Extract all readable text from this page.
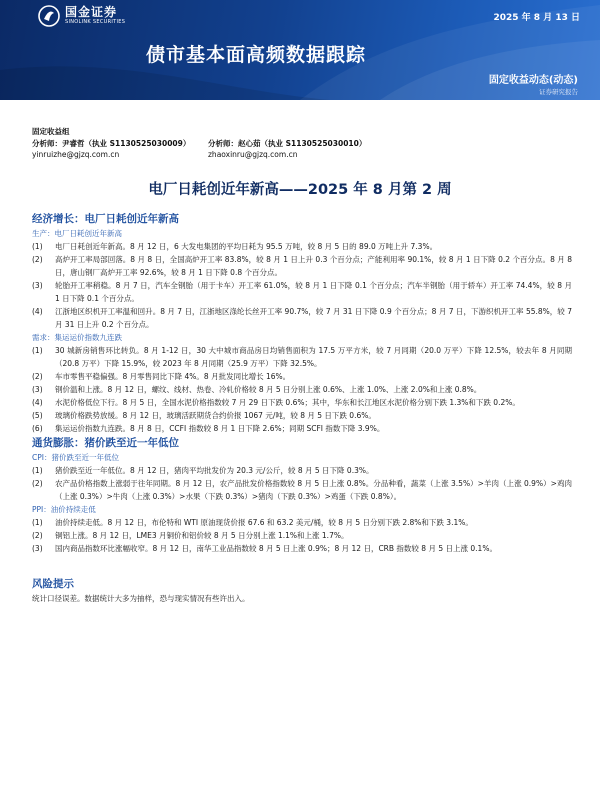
国金证券
SINOLINK SECURITIES	2025 年 8 月 13 日
债市基本面高频数据跟踪
固定收益动态(动态)
证券研究报告
固定收益组
分析师：尹睿哲（执业 S1130525030009）	分析师：赵心茹（执业 S1130525030010）
yinruizhe@gjzq.com.cn	zhaoxinru@gjzq.com.cn
电厂日耗创近年新高——2025 年 8 月第 2 周
经济增长：电厂日耗创近年新高
生产：电厂日耗创近年新高
(1)	电厂日耗创近年新高。8 月 12 日，6 大发电集团的平均日耗为 95.5 万吨，较 8 月 5 日的 89.0 万吨上升 7.3%。
(2)	高炉开工率局部回落。8 月 8 日，全国高炉开工率 83.8%，较 8 月 1 日上升 0.3 个百分点；产能利用率 90.1%，较 8 月 1 日下降 0.2 个百分点。8 月 8 日，唐山钢厂高炉开工率 92.6%，较 8 月 1 日下降 0.8 个百分点。
(3)	轮胎开工率稍稳。8 月 7 日，汽车全钢胎（用于卡车）开工率 61.0%，较 8 月 1 日下降 0.1 个百分点；汽车半钢胎（用于轿车）开工率 74.4%，较 8 月 1 日下降 0.1 个百分点。
(4)	江浙地区织机开工率温和回升。8 月 7 日，江浙地区涤纶长丝开工率 90.7%，较 7 月 31 日下降 0.9 个百分点；8 月 7 日，下游织机开工率 55.8%，较 7 月 31 日上升 0.2 个百分点。
需求：集运运价指数九连跌
(1)	30 城新房销售环比转负。8 月 1-12 日，30 大中城市商品房日均销售面积为 17.5 万平方米，较 7 月同期（20.0 万平）下降 12.5%，较去年 8 月同期（20.8 万平）下降 15.9%，较 2023 年 8 月同期（25.9 万平）下降 32.5%。
(2)	车市零售平稳偏强。8 月零售同比下降 4%。8 月批发同比增长 16%。
(3)	钢价温和上涨。8 月 12 日，螺纹、线材、热卷、冷轧价格较 8 月 5 日分别上涨 0.6%、上涨 1.0%、上涨 2.0%和上涨 0.8%。
(4)	水泥价格低位下行。8 月 5 日，全国水泥价格指数较 7 月 29 日下跌 0.6%；其中，华东和长江地区水泥价格分别下跌 1.3%和下跌 0.2%。
(5)	玻璃价格跌势放缓。8 月 12 日，玻璃活跃期货合约价报 1067 元/吨，较 8 月 5 日下跌 0.6%。
(6)	集运运价指数九连跌。8 月 8 日，CCFI 指数较 8 月 1 日下降 2.6%；同期 SCFI 指数下降 3.9%。
通货膨胀：猪价跌至近一年低位
CPI：猪价跌至近一年低位
(1)	猪价跌至近一年低位。8 月 12 日，猪肉平均批发价为 20.3 元/公斤，较 8 月 5 日下降 0.3%。
(2)	农产品价格指数上涨弱于往年同期。8 月 12 日，农产品批发价格指数较 8 月 5 日上涨 0.8%。分品种看，蔬菜（上涨 3.5%）>羊肉（上涨 0.9%）>鸡肉（上涨 0.3%）>牛肉（上涨 0.3%）>水果（下跌 0.3%）>猪肉（下跌 0.3%）>鸡蛋（下跌 0.8%）。
PPI：油价持续走低
(1)	油价持续走低。8 月 12 日，布伦特和 WTI 原油现货价报 67.6 和 63.2 美元/桶，较 8 月 5 日分别下跌 2.8%和下跌 3.1%。
(2)	铜铝上涨。8 月 12 日，LME3 月铜价和铝价较 8 月 5 日分别上涨 1.1%和上涨 1.7%。
(3)	国内商品指数环比涨幅收窄。8 月 12 日，南华工业品指数较 8 月 5 日上涨 0.9%；8 月 12 日，CRB 指数较 8 月 5 日上涨 0.1%。
风险提示
统计口径误差。数据统计大多为抽样，恐与现实情况有些许出入。
